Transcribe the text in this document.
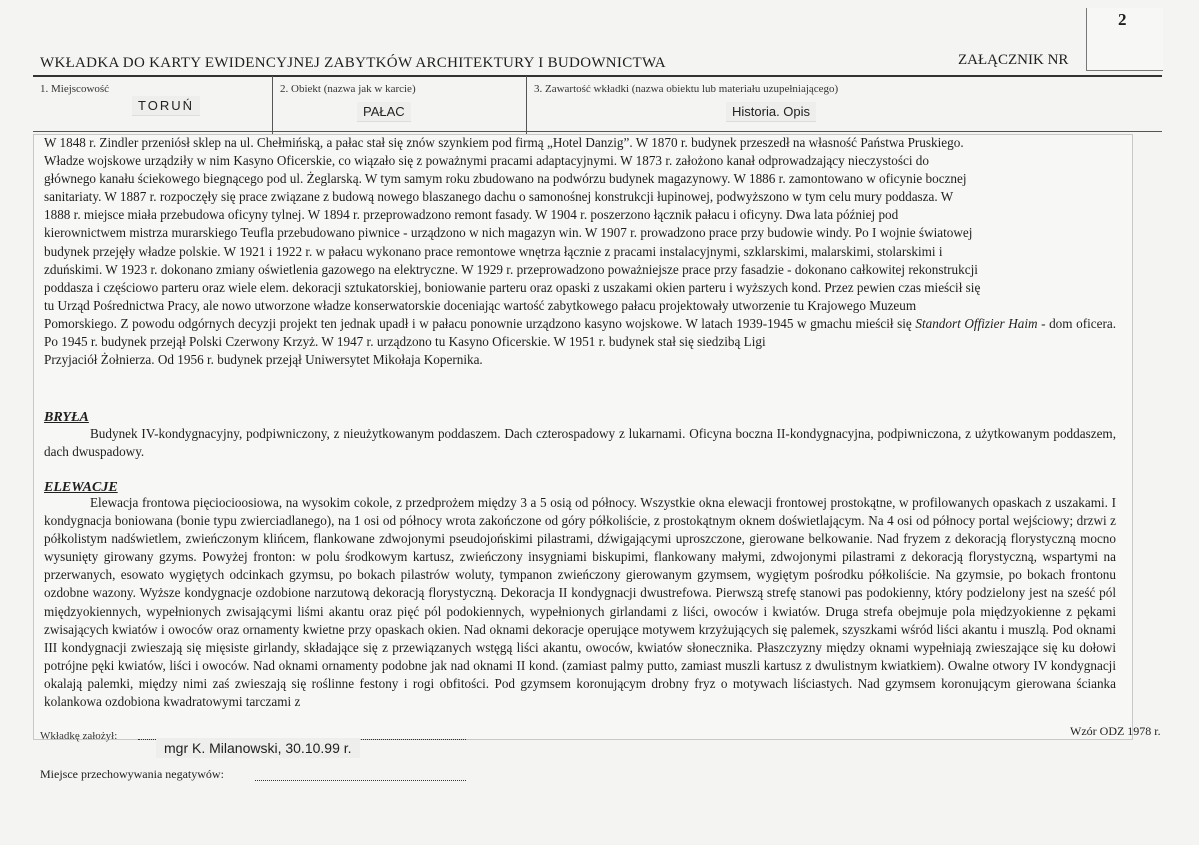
2
WKŁADKA DO KARTY EWIDENCYJNEJ ZABYTKÓW ARCHITEKTURY I BUDOWNICTWA	ZAŁĄCZNIK NR
1. Miejscowość
TORUŃ
2. Obiekt (nazwa jak w karcie)
PAŁAC
3. Zawartość wkładki (nazwa obiektu lub materiału uzupełniającego)
Historia. Opis

W 1848 r. Zindler przeniósł sklep na ul. Chełmińską, a pałac stał się znów szynkiem pod firmą „Hotel Danzig”. W 1870 r. budynek przeszedł na własność Państwa Pruskiego.

Władze wojskowe urządziły w nim Kasyno Oficerskie, co wiązało się z poważnymi pracami adaptacyjnymi. W 1873 r. założono kanał odprowadzający nieczystości do

głównego kanału ściekowego biegnącego pod ul. Żeglarską. W tym samym roku zbudowano na podwórzu budynek magazynowy. W 1886 r. zamontowano w oficynie bocznej

sanitariaty. W 1887 r. rozpoczęły się prace związane z budową nowego blaszanego dachu o samonośnej konstrukcji łupinowej, podwyższono w tym celu mury poddasza. W

1888 r. miejsce miała przebudowa oficyny tylnej. W 1894 r. przeprowadzono remont fasady. W 1904 r. poszerzono łącznik pałacu i oficyny. Dwa lata później pod

kierownictwem mistrza murarskiego Teufla przebudowano piwnice - urządzono w nich magazyn win. W 1907 r. prowadzono prace przy budowie windy. Po I wojnie światowej

budynek przejęły władze polskie. W 1921 i 1922 r. w pałacu wykonano prace remontowe wnętrza łącznie z pracami instalacyjnymi, szklarskimi, malarskimi, stolarskimi i

zduńskimi. W 1923 r. dokonano zmiany oświetlenia gazowego na elektryczne. W 1929 r. przeprowadzono poważniejsze prace przy fasadzie - dokonano całkowitej rekonstrukcji

poddasza i częściowo parteru oraz wiele elem. dekoracji sztukatorskiej, boniowanie parteru oraz opaski z uszakami okien parteru i wyższych kond. Przez pewien czas mieścił się

tu Urząd Pośrednictwa Pracy, ale nowo utworzone władze konserwatorskie doceniając wartość zabytkowego pałacu projektowały utworzenie tu Krajowego Muzeum

Pomorskiego. Z powodu odgórnych decyzji projekt ten jednak upadł i w pałacu ponownie urządzono kasyno wojskowe. W latach 1939-1945 w gmachu mieścił się Standort Offizier Haim - dom oficera. Po 1945 r. budynek przejął Polski Czerwony Krzyż. W 1947 r. urządzono tu Kasyno Oficerskie. W 1951 r. budynek stał się siedzibą Ligi

Przyjaciół Żołnierza. Od 1956 r. budynek przejął Uniwersytet Mikołaja Kopernika.

BRYŁA

Budynek IV-kondygnacyjny, podpiwniczony, z nieużytkowanym poddaszem. Dach czterospadowy z lukarnami. Oficyna boczna II-kondygnacyjna, podpiwniczona, z użytkowanym poddaszem, dach dwuspadowy.

ELEWACJE

Elewacja frontowa pięciocioosiowa, na wysokim cokole, z przedprożem między 3 a 5 osią od północy. Wszystkie okna elewacji frontowej prostokątne, w profilowanych opaskach z uszakami. I kondygnacja boniowana (bonie typu zwierciadlanego), na 1 osi od północy wrota zakończone od góry półkoliście, z prostokątnym oknem doświetlającym. Na 4 osi od północy portal wejściowy; drzwi z półkolistym nadświetlem, zwieńczonym klińcem, flankowane zdwojonymi pseudojońskimi pilastrami, dźwigającymi uproszczone, gierowane belkowanie. Nad fryzem z dekoracją florystyczną mocno wysunięty girowany gzyms. Powyżej fronton: w polu środkowym kartusz, zwieńczony insygniami biskupimi, flankowany małymi, zdwojonymi pilastrami z dekoracją florystyczną, wspartymi na przerwanych, esowato wygiętych odcinkach gzymsu, po bokach pilastrów woluty, tympanon zwieńczony gierowanym gzymsem, wygiętym pośrodku półkoliście. Na gzymsie, po bokach frontonu ozdobne wazony. Wyższe kondygnacje ozdobione narzutową dekoracją florystyczną. Dekoracja II kondygnacji dwustrefowa. Pierwszą strefę stanowi pas podokienny, który podzielony jest na sześć pól międzyokiennych, wypełnionych zwisającymi liśmi akantu oraz pięć pól podokiennych, wypełnionych girlandami z liści, owoców i kwiatów. Druga strefa obejmuje pola międzyokienne z pękami zwisających kwiatów i owoców oraz ornamenty kwietne przy opaskach okien. Nad oknami dekoracje operujące motywem krzyżujących się palemek, szyszkami wśród liści akantu i muszlą. Pod oknami III kondygnacji zwieszają się mięsiste girlandy, składające się z przewiązanych wstęgą liści akantu, owoców, kwiatów słonecznika. Płaszczyzny między oknami wypełniają zwieszające się ku dołowi potrójne pęki kwiatów, liści i owoców. Nad oknami ornamenty podobne jak nad oknami II kond. (zamiast palmy putto, zamiast muszli kartusz z dwulistnym kwiatkiem). Owalne otwory IV kondygnacji okalają palemki, między nimi zaś zwieszają się roślinne festony i rogi obfitości. Pod gzymsem koronującym drobny fryz o motywach liściastych. Nad gzymsem koronującym gierowana ścianka kolankowa ozdobiona kwadratowymi tarczami z

Wkładkę założył:
mgr K. Milanowski, 30.10.99 r.
Wzór ODZ 1978 r.
Miejsce przechowywania negatywów:
